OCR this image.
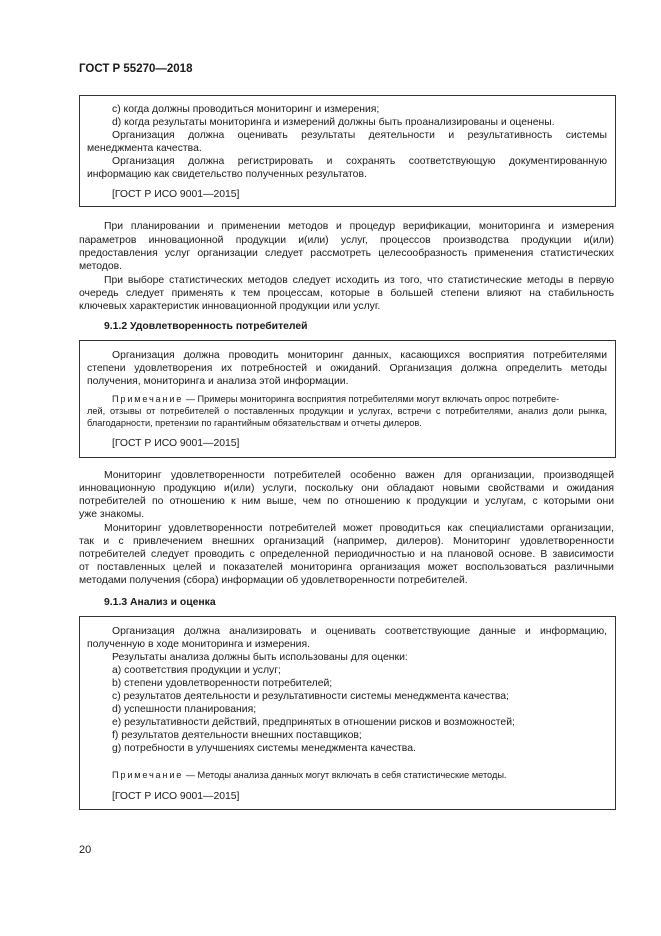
ГОСТ Р 55270—2018
c) когда должны проводиться мониторинг и измерения;
d) когда результаты мониторинга и измерений должны быть проанализированы и оценены.
Организация должна оценивать результаты деятельности и результативность системы
менеджмента качества.
Организация должна регистрировать и сохранять соответствующую документированную
информацию как свидетельство полученных результатов.
[ГОСТ Р ИСО 9001—2015]
При планировании и применении методов и процедур верификации, мониторинга и измерения
параметров инновационной продукции и(или) услуг, процессов производства продукции и(или)
предоставления услуг организации следует рассмотреть целесообразность применения статистических
методов.
При выборе статистических методов следует исходить из того, что статистические методы в первую
очередь следует применять к тем процессам, которые в большей степени влияют на стабильность
ключевых характеристик инновационной продукции или услуг.
9.1.2 Удовлетворенность потребителей
Организация должна проводить мониторинг данных, касающихся восприятия потребителями
степени удовлетворения их потребностей и ожиданий. Организация должна определить методы
получения, мониторинга и анализа этой информации.
Примечание — Примеры мониторинга восприятия потребителями могут включать опрос потребите-
лей, отзывы от потребителей о поставленных продукции и услугах, встречи с потребителями, анализ доли рынка,
благодарности, претензии по гарантийным обязательствам и отчеты дилеров.
[ГОСТ Р ИСО 9001—2015]
Мониторинг удовлетворенности потребителей особенно важен для организации, производящей
инновационную продукцию и(или) услуги, поскольку они обладают новыми свойствами и ожидания
потребителей по отношению к ним выше, чем по отношению к продукции и услугам, с которыми они
уже знакомы.
Мониторинг удовлетворенности потребителей может проводиться как специалистами организации,
так и с привлечением внешних организаций (например, дилеров). Мониторинг удовлетворенности
потребителей следует проводить с определенной периодичностью и на плановой основе. В зависимости
от поставленных целей и показателей мониторинга организация может воспользоваться различными
методами получения (сбора) информации об удовлетворенности потребителей.
9.1.3 Анализ и оценка
Организация должна анализировать и оценивать соответствующие данные и информацию,
полученную в ходе мониторинга и измерения.
Результаты анализа должны быть использованы для оценки:
a) соответствия продукции и услуг;
b) степени удовлетворенности потребителей;
c) результатов деятельности и результативности системы менеджмента качества;
d) успешности планирования;
e) результативности действий, предпринятых в отношении рисков и возможностей;
f) результатов деятельности внешних поставщиков;
g) потребности в улучшениях системы менеджмента качества.
Примечание — Методы анализа данных могут включать в себя статистические методы.
[ГОСТ Р ИСО 9001—2015]
20
